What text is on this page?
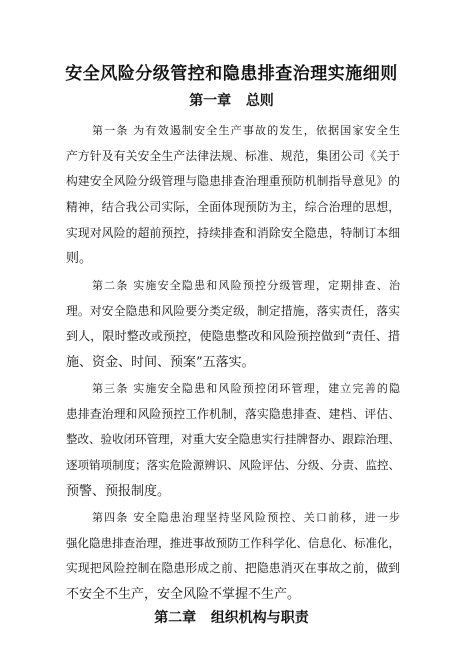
安全风险分级管控和隐患排查治理实施细则
第一章 总则
第一条 为有效遏制安全生产事故的发生，依据国家安全生
产方针及有关安全生产法律法规、标准、规范，集团公司《关于
构建安全风险分级管理与隐患排查治理重预防机制指导意见》的
精神，结合我公司实际，全面体现预防为主，综合治理的思想，
实现对风险的超前预控，持续排查和消除安全隐患，特制订本细
则。
第二条 实施安全隐患和风险预控分级管理，定期排查、治
理。对安全隐患和风险要分类定级，制定措施，落实责任，落实
到人，限时整改或预控，使隐患整改和风险预控做到“责任、措
施、资金、时间、预案”五落实。
第三条 实施安全隐患和风险预控闭环管理，建立完善的隐
患排查治理和风险预控工作机制，落实隐患排查、建档、评估、
整改、验收闭环管理，对重大安全隐患实行挂牌督办、跟踪治理、
逐项销项制度；落实危险源辨识、风险评估、分级、分责、监控、
预警、预报制度。
第四条 安全隐患治理坚持坚风险预控、关口前移，进一步
强化隐患排查治理，推进事故预防工作科学化、信息化、标准化，
实现把风险控制在隐患形成之前、把隐患消灭在事故之前，做到
不安全不生产，安全风险不掌握不生产。
第二章 组织机构与职责
